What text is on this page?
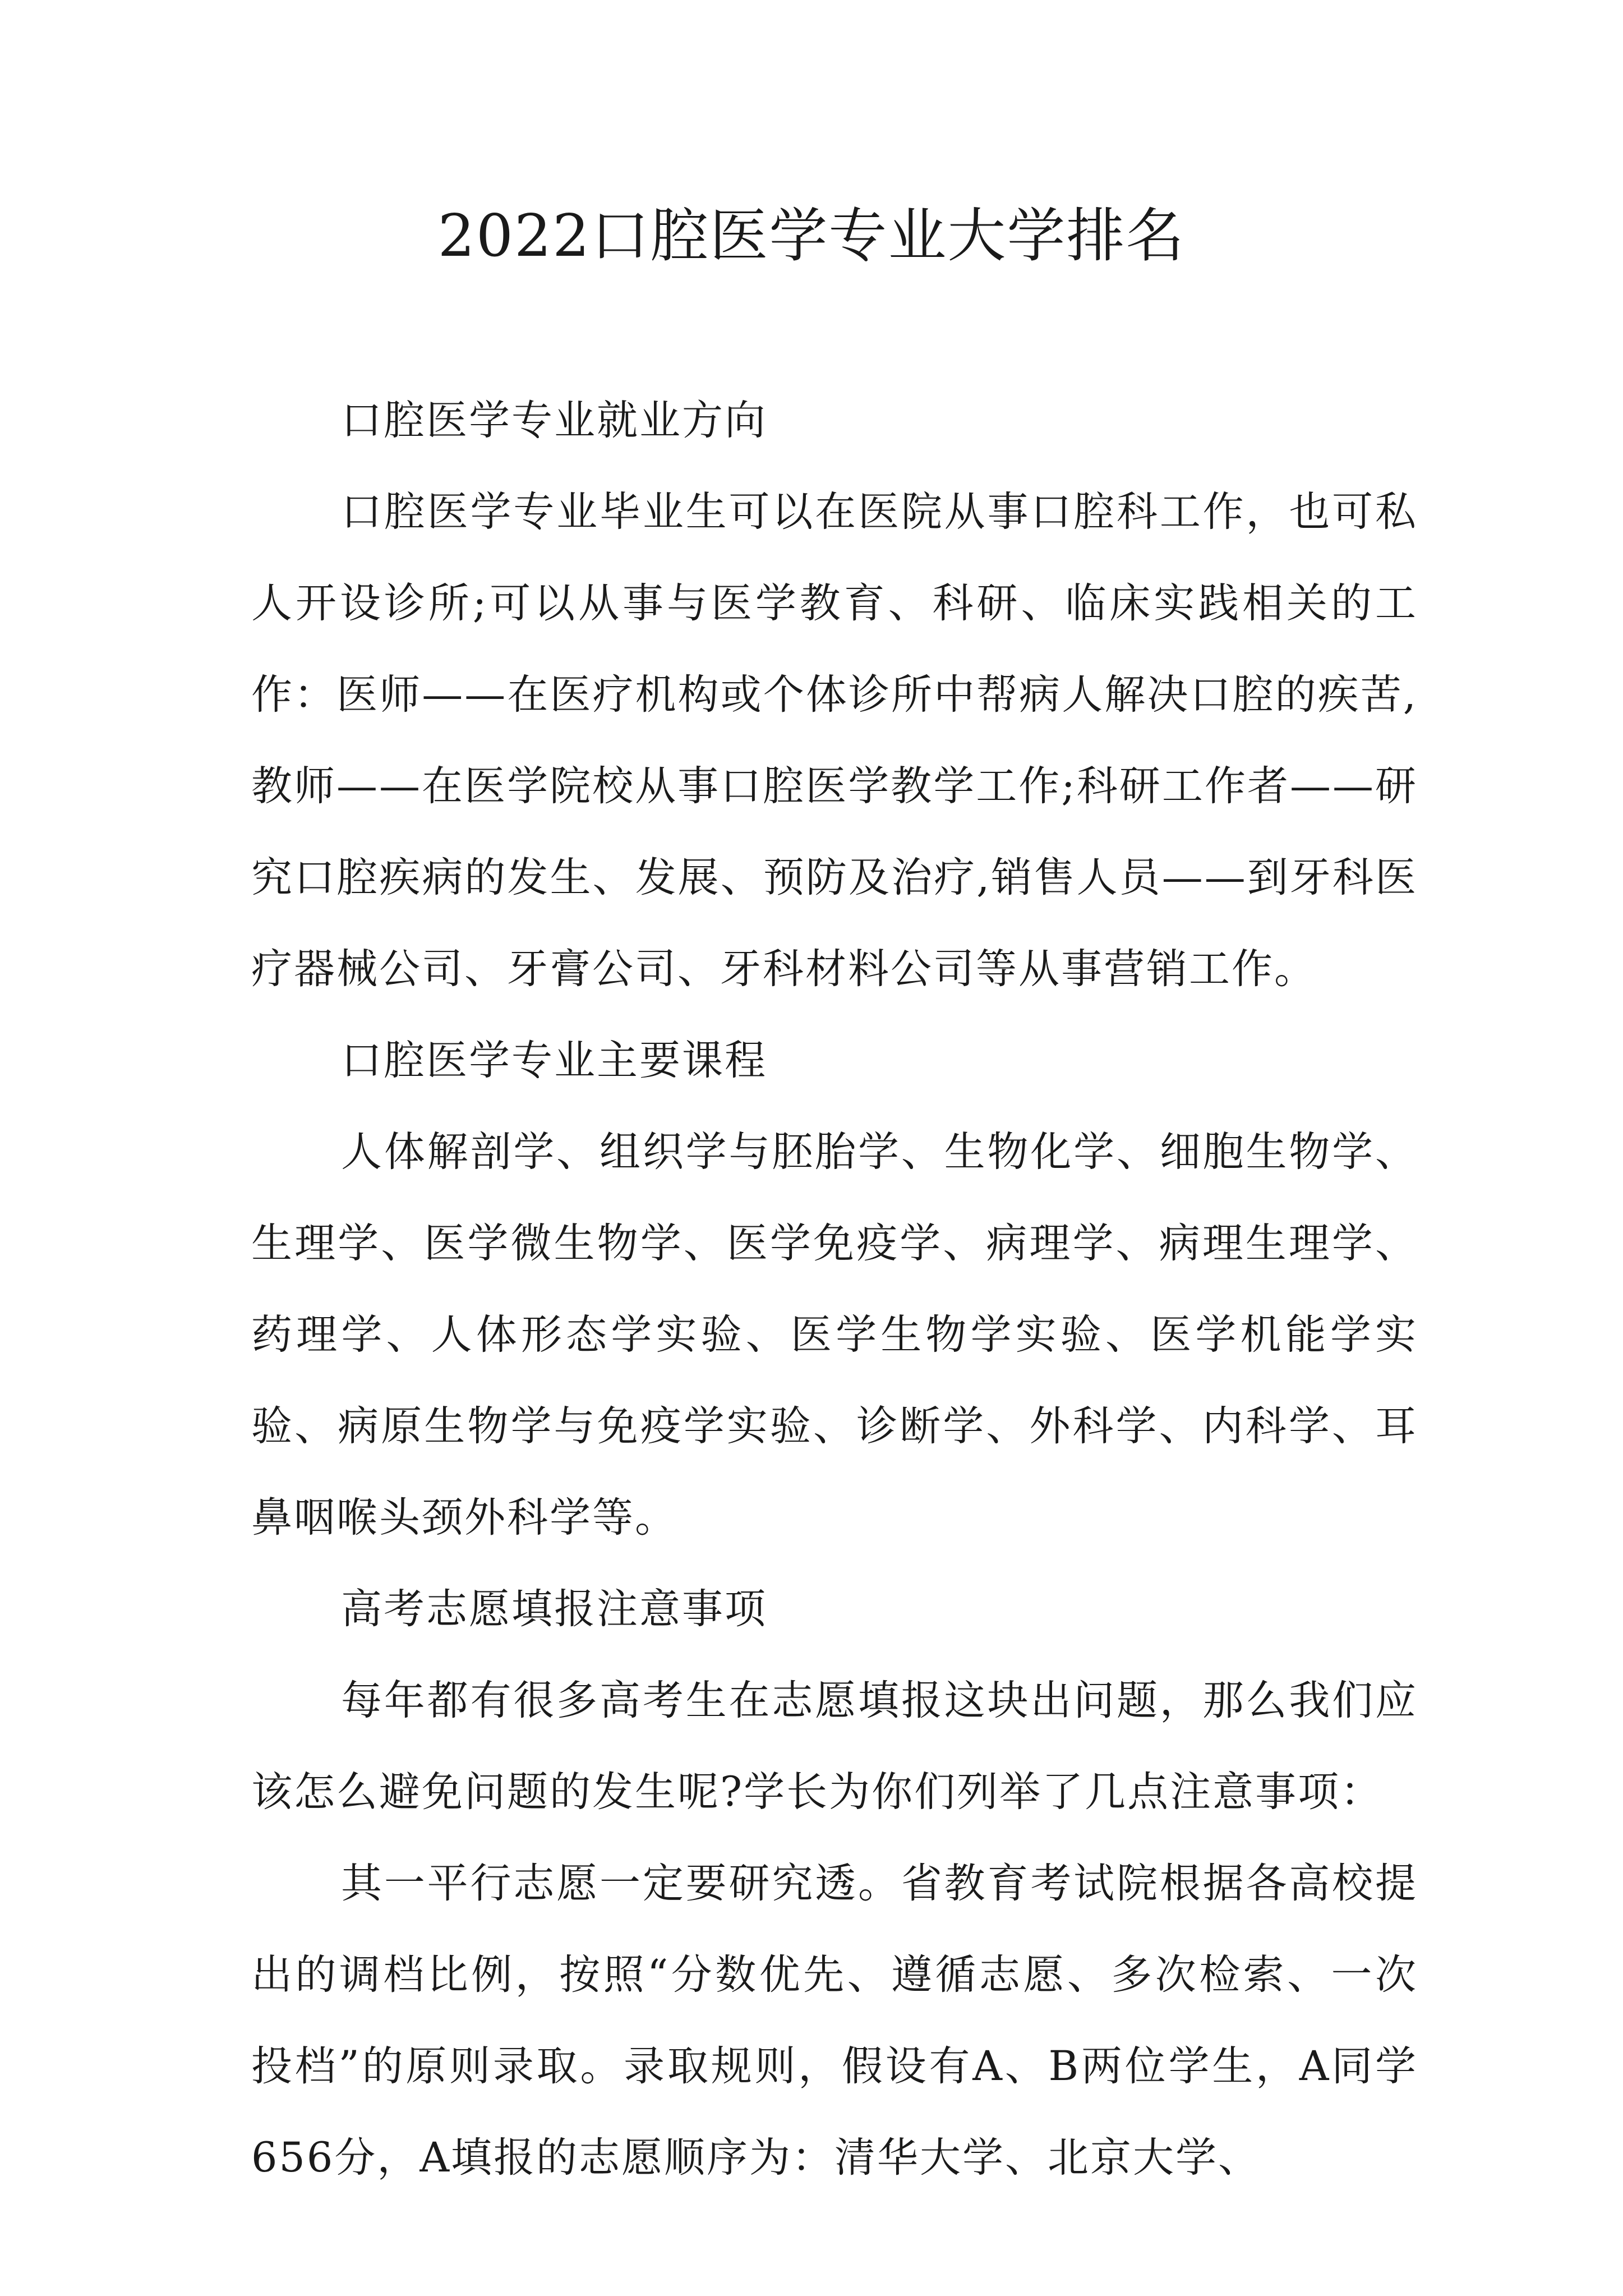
2022口腔医学专业大学排名

口腔医学专业就业方向

口腔医学专业毕业生可以在医院从事口腔科工作，也可私人开设诊所;可以从事与医学教育、科研、临床实践相关的工作：医师——在医疗机构或个体诊所中帮病人解决口腔的疾苦,教师——在医学院校从事口腔医学教学工作;科研工作者——研究口腔疾病的发生、发展、预防及治疗,销售人员——到牙科医疗器械公司、牙膏公司、牙科材料公司等从事营销工作。

口腔医学专业主要课程

人体解剖学、组织学与胚胎学、生物化学、细胞生物学、生理学、医学微生物学、医学免疫学、病理学、病理生理学、药理学、人体形态学实验、医学生物学实验、医学机能学实验、病原生物学与免疫学实验、诊断学、外科学、内科学、耳鼻咽喉头颈外科学等。

高考志愿填报注意事项

每年都有很多高考生在志愿填报这块出问题，那么我们应该怎么避免问题的发生呢?学长为你们列举了几点注意事项：

其一平行志愿一定要研究透。省教育考试院根据各高校提出的调档比例，按照“分数优先、遵循志愿、多次检索、一次投档”的原则录取。录取规则，假设有A、B两位学生，A同学656分，A填报的志愿顺序为：清华大学、北京大学、
